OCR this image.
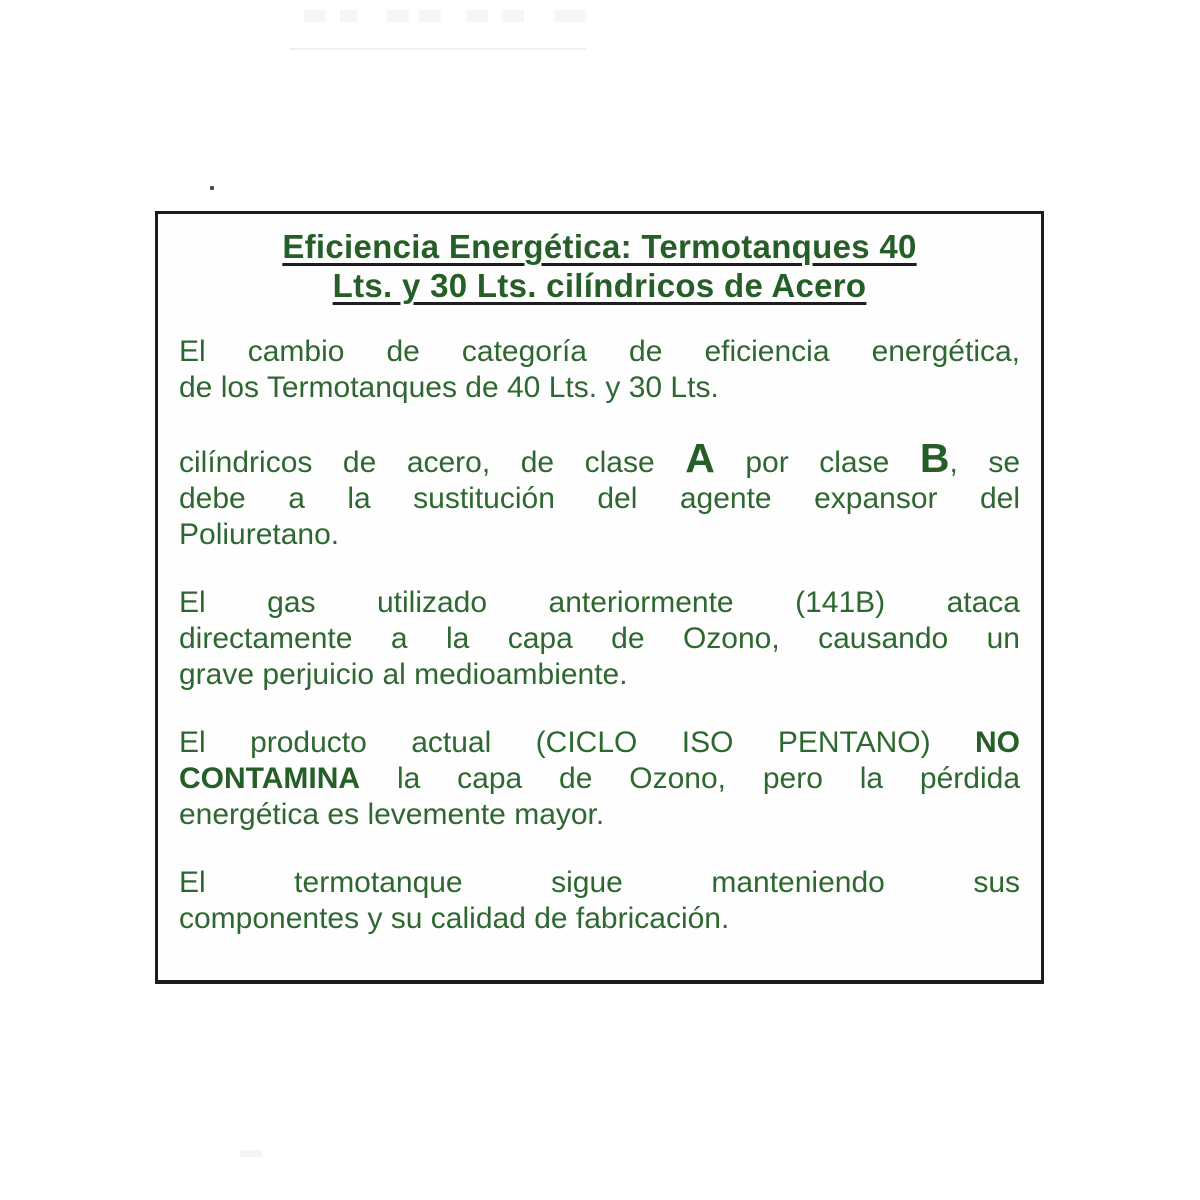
Eficiencia Energética: Termotanques 40
Lts. y 30 Lts. cilíndricos de Acero
El cambio de categoría de eficiencia energética,
de los Termotanques de 40 Lts. y 30 Lts.
cilíndricos de acero, de clase A por clase B, se
debe a la sustitución del agente expansor del
Poliuretano.
El gas utilizado anteriormente (141B) ataca
directamente a la capa de Ozono, causando un
grave perjuicio al medioambiente.
El producto actual (CICLO ISO PENTANO) NO
CONTAMINA la capa de Ozono, pero la pérdida
energética es levemente mayor.
El termotanque sigue manteniendo sus
componentes y su calidad de fabricación.
